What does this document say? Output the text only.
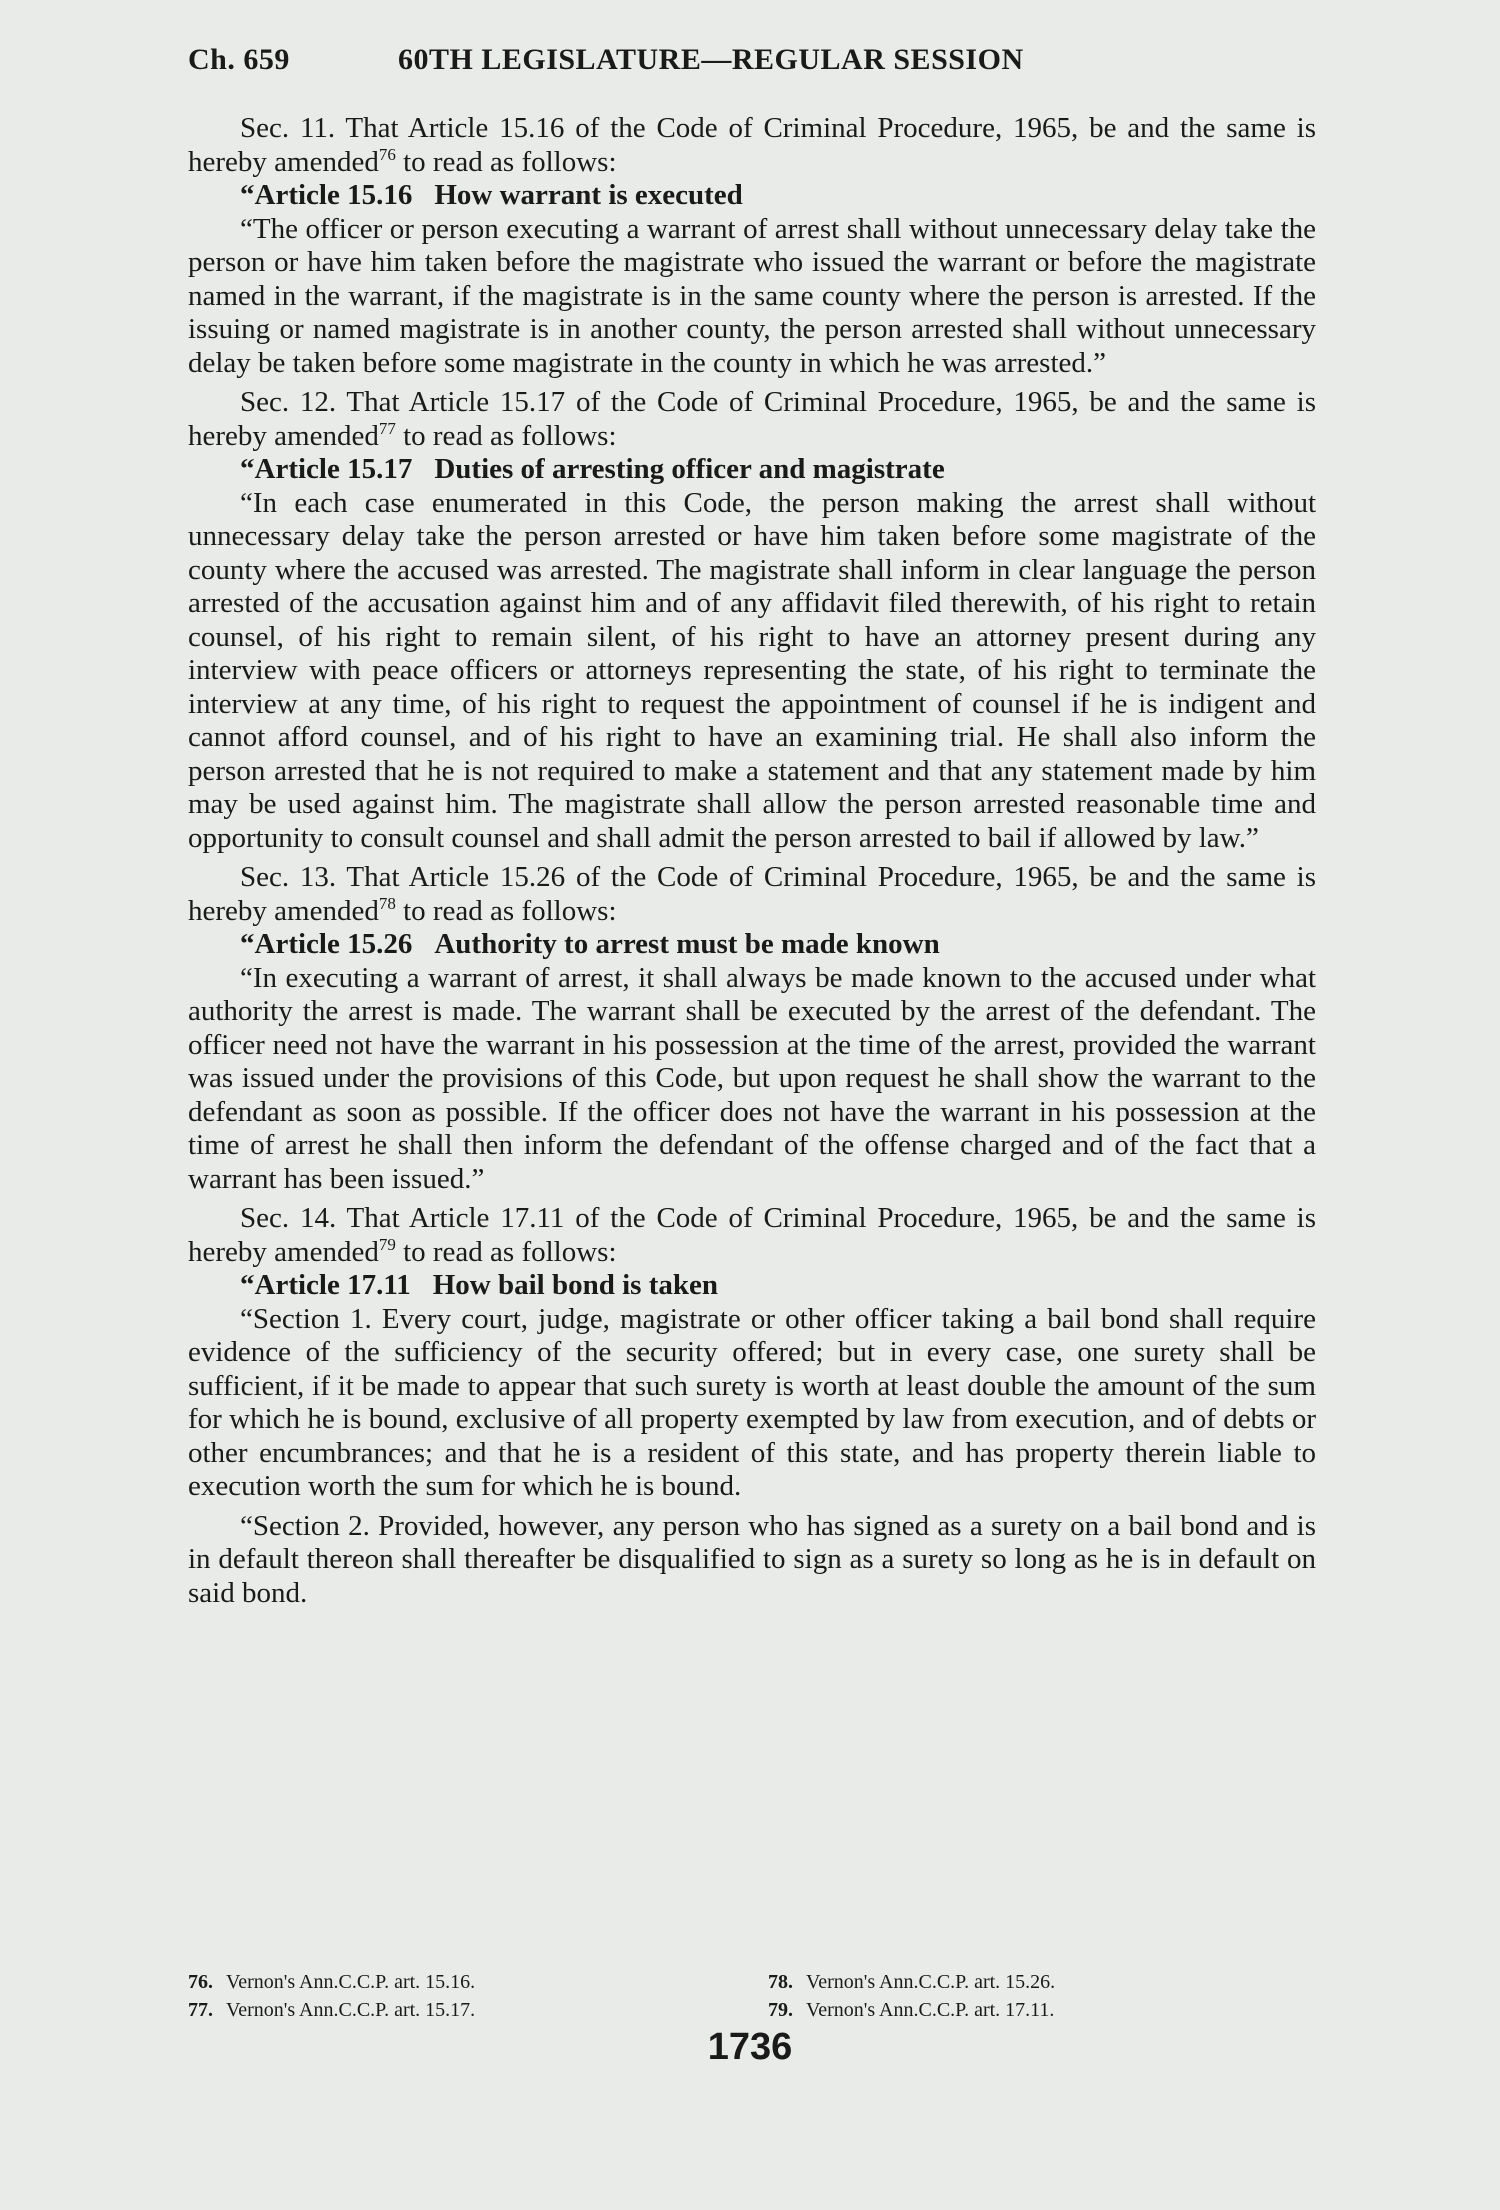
Ch. 659	60TH LEGISLATURE—REGULAR SESSION

Sec. 11. That Article 15.16 of the Code of Criminal Procedure, 1965, be and the same is hereby amended$^{76}$ to read as follows:

“Article 15.16 How warrant is executed

“The officer or person executing a warrant of arrest shall without unnecessary delay take the person or have him taken before the magistrate who issued the warrant or before the magistrate named in the warrant, if the magistrate is in the same county where the person is arrested. If the issuing or named magistrate is in another county, the person arrested shall without unnecessary delay be taken before some magistrate in the county in which he was arrested.”

Sec. 12. That Article 15.17 of the Code of Criminal Procedure, 1965, be and the same is hereby amended$^{77}$ to read as follows:

“Article 15.17 Duties of arresting officer and magistrate

“In each case enumerated in this Code, the person making the arrest shall without unnecessary delay take the person arrested or have him taken before some magistrate of the county where the accused was arrested. The magistrate shall inform in clear language the person arrested of the accusation against him and of any affidavit filed therewith, of his right to retain counsel, of his right to remain silent, of his right to have an attorney present during any interview with peace officers or attorneys representing the state, of his right to terminate the interview at any time, of his right to request the appointment of counsel if he is indigent and cannot afford counsel, and of his right to have an examining trial. He shall also inform the person arrested that he is not required to make a statement and that any statement made by him may be used against him. The magistrate shall allow the person arrested reasonable time and opportunity to consult counsel and shall admit the person arrested to bail if allowed by law.”

Sec. 13. That Article 15.26 of the Code of Criminal Procedure, 1965, be and the same is hereby amended$^{78}$ to read as follows:

“Article 15.26 Authority to arrest must be made known

“In executing a warrant of arrest, it shall always be made known to the accused under what authority the arrest is made. The warrant shall be executed by the arrest of the defendant. The officer need not have the warrant in his possession at the time of the arrest, provided the warrant was issued under the provisions of this Code, but upon request he shall show the warrant to the defendant as soon as possible. If the officer does not have the warrant in his possession at the time of arrest he shall then inform the defendant of the offense charged and of the fact that a warrant has been issued.”

Sec. 14. That Article 17.11 of the Code of Criminal Procedure, 1965, be and the same is hereby amended$^{79}$ to read as follows:

“Article 17.11 How bail bond is taken

“Section 1. Every court, judge, magistrate or other officer taking a bail bond shall require evidence of the sufficiency of the security offered; but in every case, one surety shall be sufficient, if it be made to appear that such surety is worth at least double the amount of the sum for which he is bound, exclusive of all property exempted by law from execution, and of debts or other encumbrances; and that he is a resident of this state, and has property therein liable to execution worth the sum for which he is bound.

“Section 2. Provided, however, any person who has signed as a surety on a bail bond and is in default thereon shall thereafter be disqualified to sign as a surety so long as he is in default on said bond.

76. Vernon's Ann.C.C.P. art. 15.16.
77. Vernon's Ann.C.C.P. art. 15.17.
78. Vernon's Ann.C.C.P. art. 15.26.
79. Vernon's Ann.C.C.P. art. 17.11.
1736
